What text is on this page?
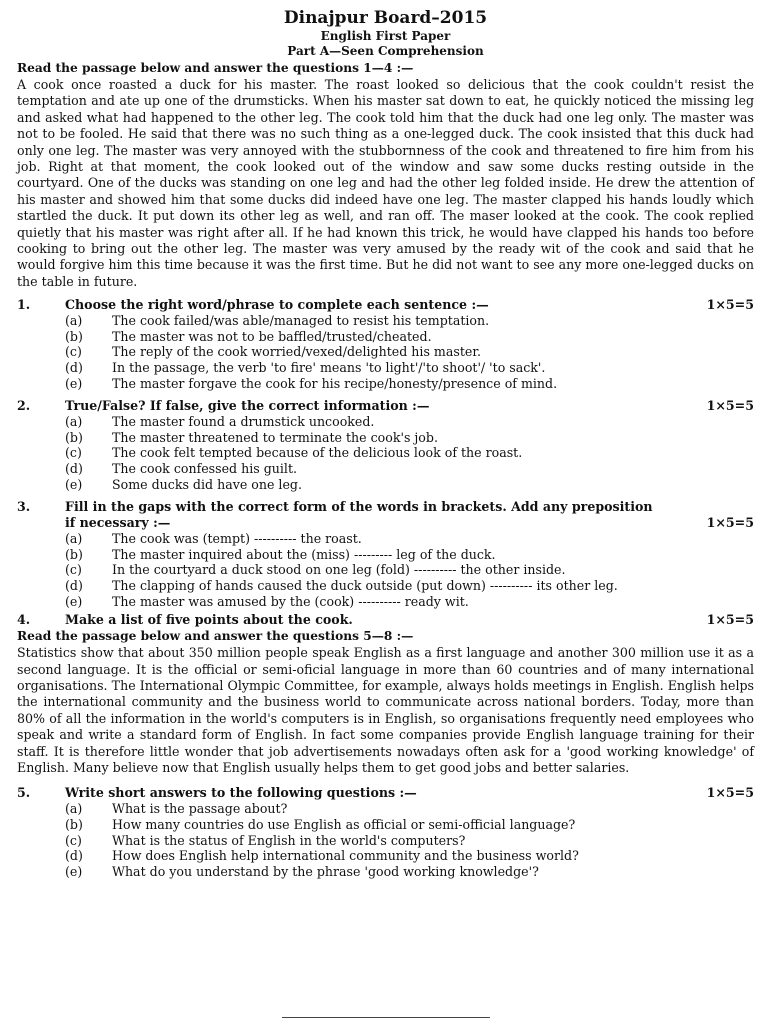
Dinajpur Board–2015
English First Paper
Part A—Seen Comprehension
Read the passage below and answer the questions 1—4 :—

A cook once roasted a duck for his master. The roast looked so delicious that the cook couldn't resist the temptation and ate up one of the drumsticks. When his master sat down to eat, he quickly noticed the missing leg and asked what had happened to the other leg. The cook told him that the duck had one leg only. The master was not to be fooled. He said that there was no such thing as a one-legged duck. The cook insisted that this duck had only one leg. The master was very annoyed with the stubbornness of the cook and threatened to fire him from his job. Right at that moment, the cook looked out of the window and saw some ducks resting outside in the courtyard. One of the ducks was standing on one leg and had the other leg folded inside. He drew the attention of his master and showed him that some ducks did indeed have one leg. The master clapped his hands loudly which startled the duck. It put down its other leg as well, and ran off. The maser looked at the cook. The cook replied quietly that his master was right after all. If he had known this trick, he would have clapped his hands too before cooking to bring out the other leg. The master was very amused by the ready wit of the cook and said that he would forgive him this time because it was the first time. But he did not want to see any more one-legged ducks on the table in future.

1.	Choose the right word/phrase to complete each sentence :—	1×5=5
(a)	The cook failed/was able/managed to resist his temptation.
(b)	The master was not to be baffled/trusted/cheated.
(c)	The reply of the cook worried/vexed/delighted his master.
(d)	In the passage, the verb 'to fire' means 'to light'/'to shoot'/ 'to sack'.
(e)	The master forgave the cook for his recipe/honesty/presence of mind.
2.	True/False? If false, give the correct information :—	1×5=5
(a)	The master found a drumstick uncooked.
(b)	The master threatened to terminate the cook's job.
(c)	The cook felt tempted because of the delicious look of the roast.
(d)	The cook confessed his guilt.
(e)	Some ducks did have one leg.
3.	Fill in the gaps with the correct form of the words in brackets. Add any preposition
if necessary :—	1×5=5
(a)	The cook was (tempt) ---------- the roast.
(b)	The master inquired about the (miss) --------- leg of the duck.
(c)	In the courtyard a duck stood on one leg (fold) ---------- the other inside.
(d)	The clapping of hands caused the duck outside (put down) ---------- its other leg.
(e)	The master was amused by the (cook) ---------- ready wit.
4.	Make a list of five points about the cook.	1×5=5
Read the passage below and answer the questions 5—8 :—

Statistics show that about 350 million people speak English as a first language and another 300 million use it as a second language. It is the official or semi-oficial language in more than 60 countries and of many international organisations. The International Olympic Committee, for example, always holds meetings in English. English helps the international community and the business world to communicate across national borders. Today, more than 80% of all the information in the world's computers is in English, so organisations frequently need employees who speak and write a standard form of English. In fact some companies provide English language training for their staff. It is therefore little wonder that job advertisements nowadays often ask for a 'good working knowledge' of English. Many believe now that English usually helps them to get good jobs and better salaries.

5.	Write short answers to the following questions :—	1×5=5
(a)	What is the passage about?
(b)	How many countries do use English as official or semi-official language?
(c)	What is the status of English in the world's computers?
(d)	How does English help international community and the business world?
(e)	What do you understand by the phrase 'good working knowledge'?
